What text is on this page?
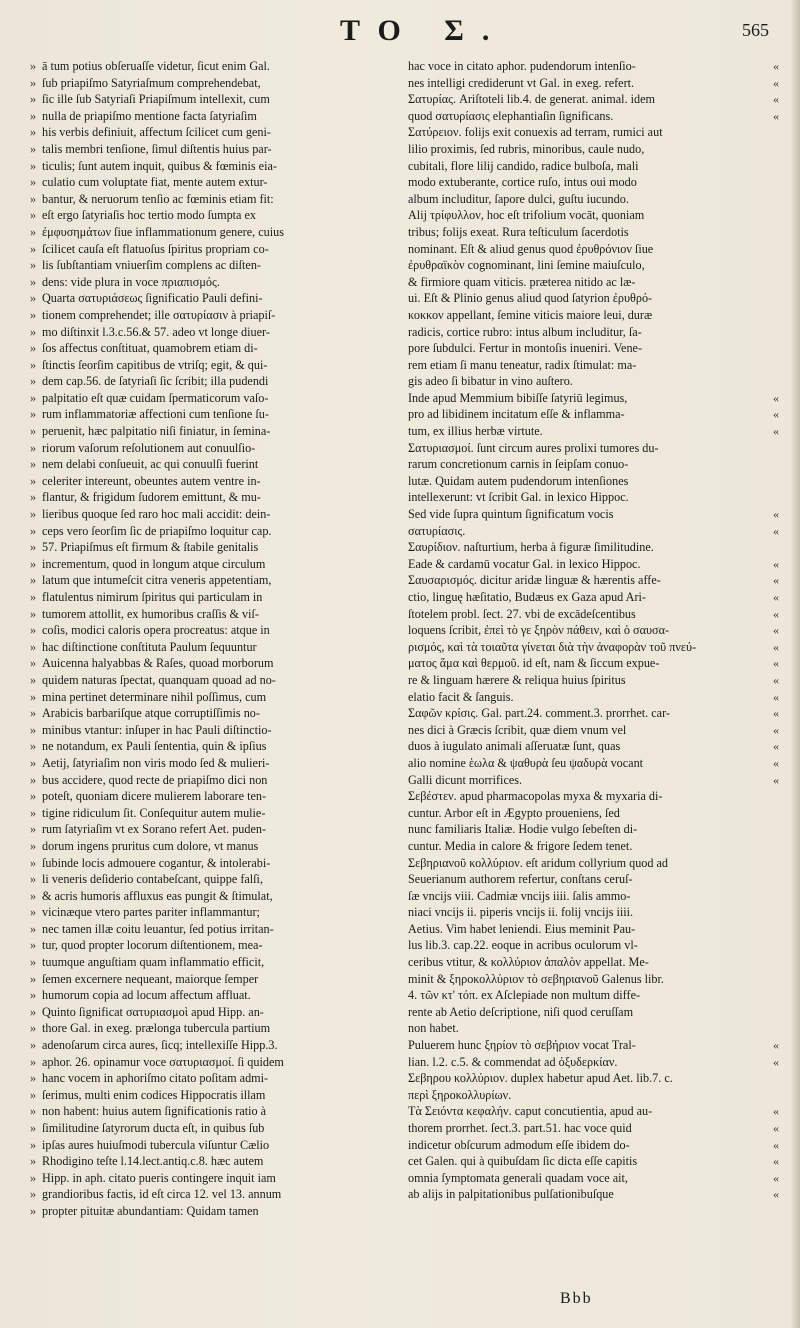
TO Σ.	565
» ā tum potius obſeruaſſe videtur, ſicut enim Gal.
» ſub priapiſmo Satyriaſmum comprehendebat,
» ſic ille ſub Satyriaſi Priapiſmum intellexit, cum
» nulla de priapiſmo mentione facta ſatyriaſim
» his verbis definiuit, affectum ſcilicet cum geni-
» talis membri tenſione, ſimul diſtentis huius par-
» ticulis; ſunt autem inquit, quibus & fœminis eia-
» culatio cum voluptate fiat, mente autem extur-
» bantur, & neruorum tenſio ac fœminis etiam fit:
» eſt ergo ſatyriaſis hoc tertio modo ſumpta ex
» ἐμφυσημάτων ſiue inflammationum genere, cuius
» ſcilicet cauſa eſt flatuoſus ſpiritus propriam co-
» lis ſubſtantiam vniuerſim complens ac diſten-
» dens: vide plura in voce πριαπισμός.
» Quarta σατυριάσεως ſignificatio Pauli defini-
» tionem comprehendet; ille σατυρίασιν à priapiſ-
» mo diſtinxit l.3.c.56.& 57. adeo vt longe diuer-
» ſos affectus conſtituat, quamobrem etiam di-
» ſtinctis ſeorſim capitibus de vtriſq; egit, & qui-
» dem cap.56. de ſatyriaſi ſic ſcribit; illa pudendi
» palpitatio eſt quæ cuidam ſpermaticorum vaſo-
» rum inflammatoriæ affectioni cum tenſione ſu-
» peruenit, hæc palpitatio niſi finiatur, in ſemina-
» riorum vaſorum reſolutionem aut conuulſio-
» nem delabi conſueuit, ac qui conuulſi fuerint
» celeriter intereunt, obeuntes autem ventre in-
» flantur, & frigidum ſudorem emittunt, & mu-
» lieribus quoque ſed raro hoc mali accidit: dein-
» ceps vero ſeorſim ſic de priapiſmo loquitur cap.
» 57. Priapiſmus eſt firmum & ſtabile genitalis
» incrementum, quod in longum atque circulum
» latum que intumeſcit citra veneris appetentiam,
» flatulentus nimirum ſpiritus qui particulam in
» tumorem attollit, ex humoribus craſſis & viſ-
» coſis, modici caloris opera procreatus: atque in
» hac diſtinctione conſtituta Paulum ſequuntur
» Auicenna halyabbas & Raſes, quoad morborum
» quidem naturas ſpectat, quanquam quoad ad no-
» mina pertinet determinare nihil poſſimus, cum
» Arabicis barbariſque atque corruptiſſimis no-
» minibus vtantur: inſuper in hac Pauli diſtinctio-
» ne notandum, ex Pauli ſententia, quin & ipſius
» Aetij, ſatyriaſim non viris modo ſed & mulieri-
» bus accidere, quod recte de priapiſmo dici non
» poteſt, quoniam dicere mulierem laborare ten-
» tigine ridiculum ſit. Conſequitur autem mulie-
» rum ſatyriaſim vt ex Sorano refert Aet. puden-
» dorum ingens pruritus cum dolore, vt manus
» ſubinde locis admouere cogantur, & intolerabi-
» li veneris deſiderio contabeſcant, quippe falſi,
» & acris humoris affluxus eas pungit & ſtimulat,
» vicinæque vtero partes pariter inflammantur;
» nec tamen illæ coitu leuantur, ſed potius irritan-
» tur, quod propter locorum diſtentionem, mea-
» tuumque anguſtiam quam inflammatio efficit,
» ſemen excernere nequeant, maiorque ſemper
» humorum copia ad locum affectum affluat.
» Quinto ſignificat σατυριασμοὶ apud Hipp. an-
» thore Gal. in exeg. prælonga tubercula partium
» adenoſarum circa aures, ſicq; intellexiſſe Hipp.3.
» aphor. 26. opinamur voce σατυριασμοί. ſi quidem
» hanc vocem in aphoriſmo citato poſitam admi-
» ſerimus, multi enim codices Hippocratis illam
» non habent: huius autem ſignificationis ratio à
» ſimilitudine ſatyrorum ducta eſt, in quibus ſub
» ipſas aures huiuſmodi tubercula viſuntur Cælio
» Rhodigino teſte l.14.lect.antiq.c.8. hæc autem
» Hipp. in aph. citato pueris contingere inquit iam
» grandioribus factis, id eſt circa 12. vel 13. annum
» propter pituitæ abundantiam: Quidam tamen
hac voce in citato aphor. pudendorum intenſio-
nes intelligi crediderunt vt Gal. in exeg. refert.
Σατυρίας. Ariſtoteli lib.4. de generat. animal. idem
quod σατυρίασις elephantiaſin ſignificans.
Σατύρειον. folijs exit conuexis ad terram, rumici aut
lilio proximis, ſed rubris, minoribus, caule nudo,
cubitali, flore lilij candido, radice bulboſa, mali
modo extuberante, cortice ruſo, intus oui modo
album includitur, ſapore dulci, guſtu iucundo.
Alij τρίφυλλον, hoc eſt trifolium vocāt, quoniam
tribus; folijs exeat. Rura teſticulum ſacerdotis
nominant. Eſt & aliud genus quod ἐρυθρόνιον ſiue
ἐρυθραϊκὸν cognominant, lini ſemine maiuſculo,
& firmiore quam viticis. præterea nitido ac læ-
ui. Eſt & Plinio genus aliud quod ſatyrion ἐρυθρό-
κοκκον appellant, ſemine viticis maiore leui, duræ
radicis, cortice rubro: intus album includitur, ſa-
pore ſubdulci. Fertur in montoſis inueniri. Vene-
rem etiam ſi manu teneatur, radix ſtimulat: ma-
gis adeo ſi bibatur in vino auſtero.
Inde apud Memmium bibiſſe ſatyriū legimus,
pro ad libidinem incitatum eſſe & inflamma-
tum, ex illius herbæ virtute.
Σατυριασμοί. ſunt circum aures prolixi tumores du-
rarum concretionum carnis in ſeipſam conuo-
lutæ. Quidam autem pudendorum intenſiones
intellexerunt: vt ſcribit Gal. in lexico Hippoc.
Sed vide ſupra quintum ſignificatum vocis
σατυρίασις.
Σαυρίδιον. naſturtium, herba à figuræ ſimilitudine.
Eade & cardamū vocatur Gal. in lexico Hippoc.
Σαυσαρισμός. dicitur aridæ linguæ & hærentis affe-
ctio, linguę hæſitatio, Budæus ex Gaza apud Ari-
ſtotelem probl. ſect. 27. vbi de excādeſcentibus
loquens ſcribit, ἐπεὶ τὸ γε ξηρὸν πάθειν, καὶ ὁ σαυσα-
ρισμός, καὶ τὰ τοιαῦτα γίνεται διὰ τὴν ἀναφορὰν τοῦ πνεύ-
ματος ἅμα καὶ θερμοῦ. id eſt, nam & ſiccum expue-
re & linguam hærere & reliqua huius ſpiritus
elatio facit & ſanguis.
Σαφῶν κρίσις. Gal. part.24. comment.3. prorrhet. car-
nes dici à Græcis ſcribit, quæ diem vnum vel
duos à iugulato animali aſſeruatæ ſunt, quas
alio nomine ἑωλα & ψαθυρὰ ſeu ψαδυρὰ vocant
Galli dicunt morrifices.
Σεβέστεν. apud pharmacopolas myxa & myxaria di-
cuntur. Arbor eſt in Ægypto proueniens, ſed
nunc familiaris Italiæ. Hodie vulgo ſebeſten di-
cuntur. Media in calore & frigore ſedem tenet.
Σεβηριανοῦ κολλύριον. eſt aridum collyrium quod ad
Seuerianum authorem refertur, conſtans ceruſ-
ſæ vncijs viii. Cadmiæ vncijs iiii. ſalis ammo-
niaci vncijs ii. piperis vncijs ii. folij vncijs iiii.
Aetius. Vim habet leniendi. Eius meminit Pau-
lus lib.3. cap.22. eoque in acribus oculorum vl-
ceribus vtitur, & κολλύριον ἀπαλὸν appellat. Me-
minit & ξηροκολλύριον τὸ σεβηριανοῦ Galenus libr.
4. τῶν κτ' τόπ. ex Aſclepiade non multum diffe-
rente ab Aetio deſcriptione, niſi quod ceruſſam
non habet.
Puluerem hunc ξηρίον τὸ σεβήριον vocat Tral-
lian. l.2. c.5. & commendat ad ὀξυδερκίαν.
Σεβηρου κολλύριον. duplex habetur apud Aet. lib.7. c.
περὶ ξηροκολλυρίων.
Τὰ Σειόντα κεφαλήν. caput concutientia, apud au-
thorem prorrhet. ſect.3. part.51. hac voce quid
indicetur obſcurum admodum eſſe ibidem do-
cet Galen. qui à quibuſdam ſic dicta eſſe capitis
omnia ſymptomata generali quadam voce ait,
ab alijs in palpitationibus pulſationibuſque
«
«
«
«

«
«
«

«
«

«
«
«
«
«
«
«
«
«
«
«
«
«
«

«
«

«
«
«
«
«
«
Bbb
